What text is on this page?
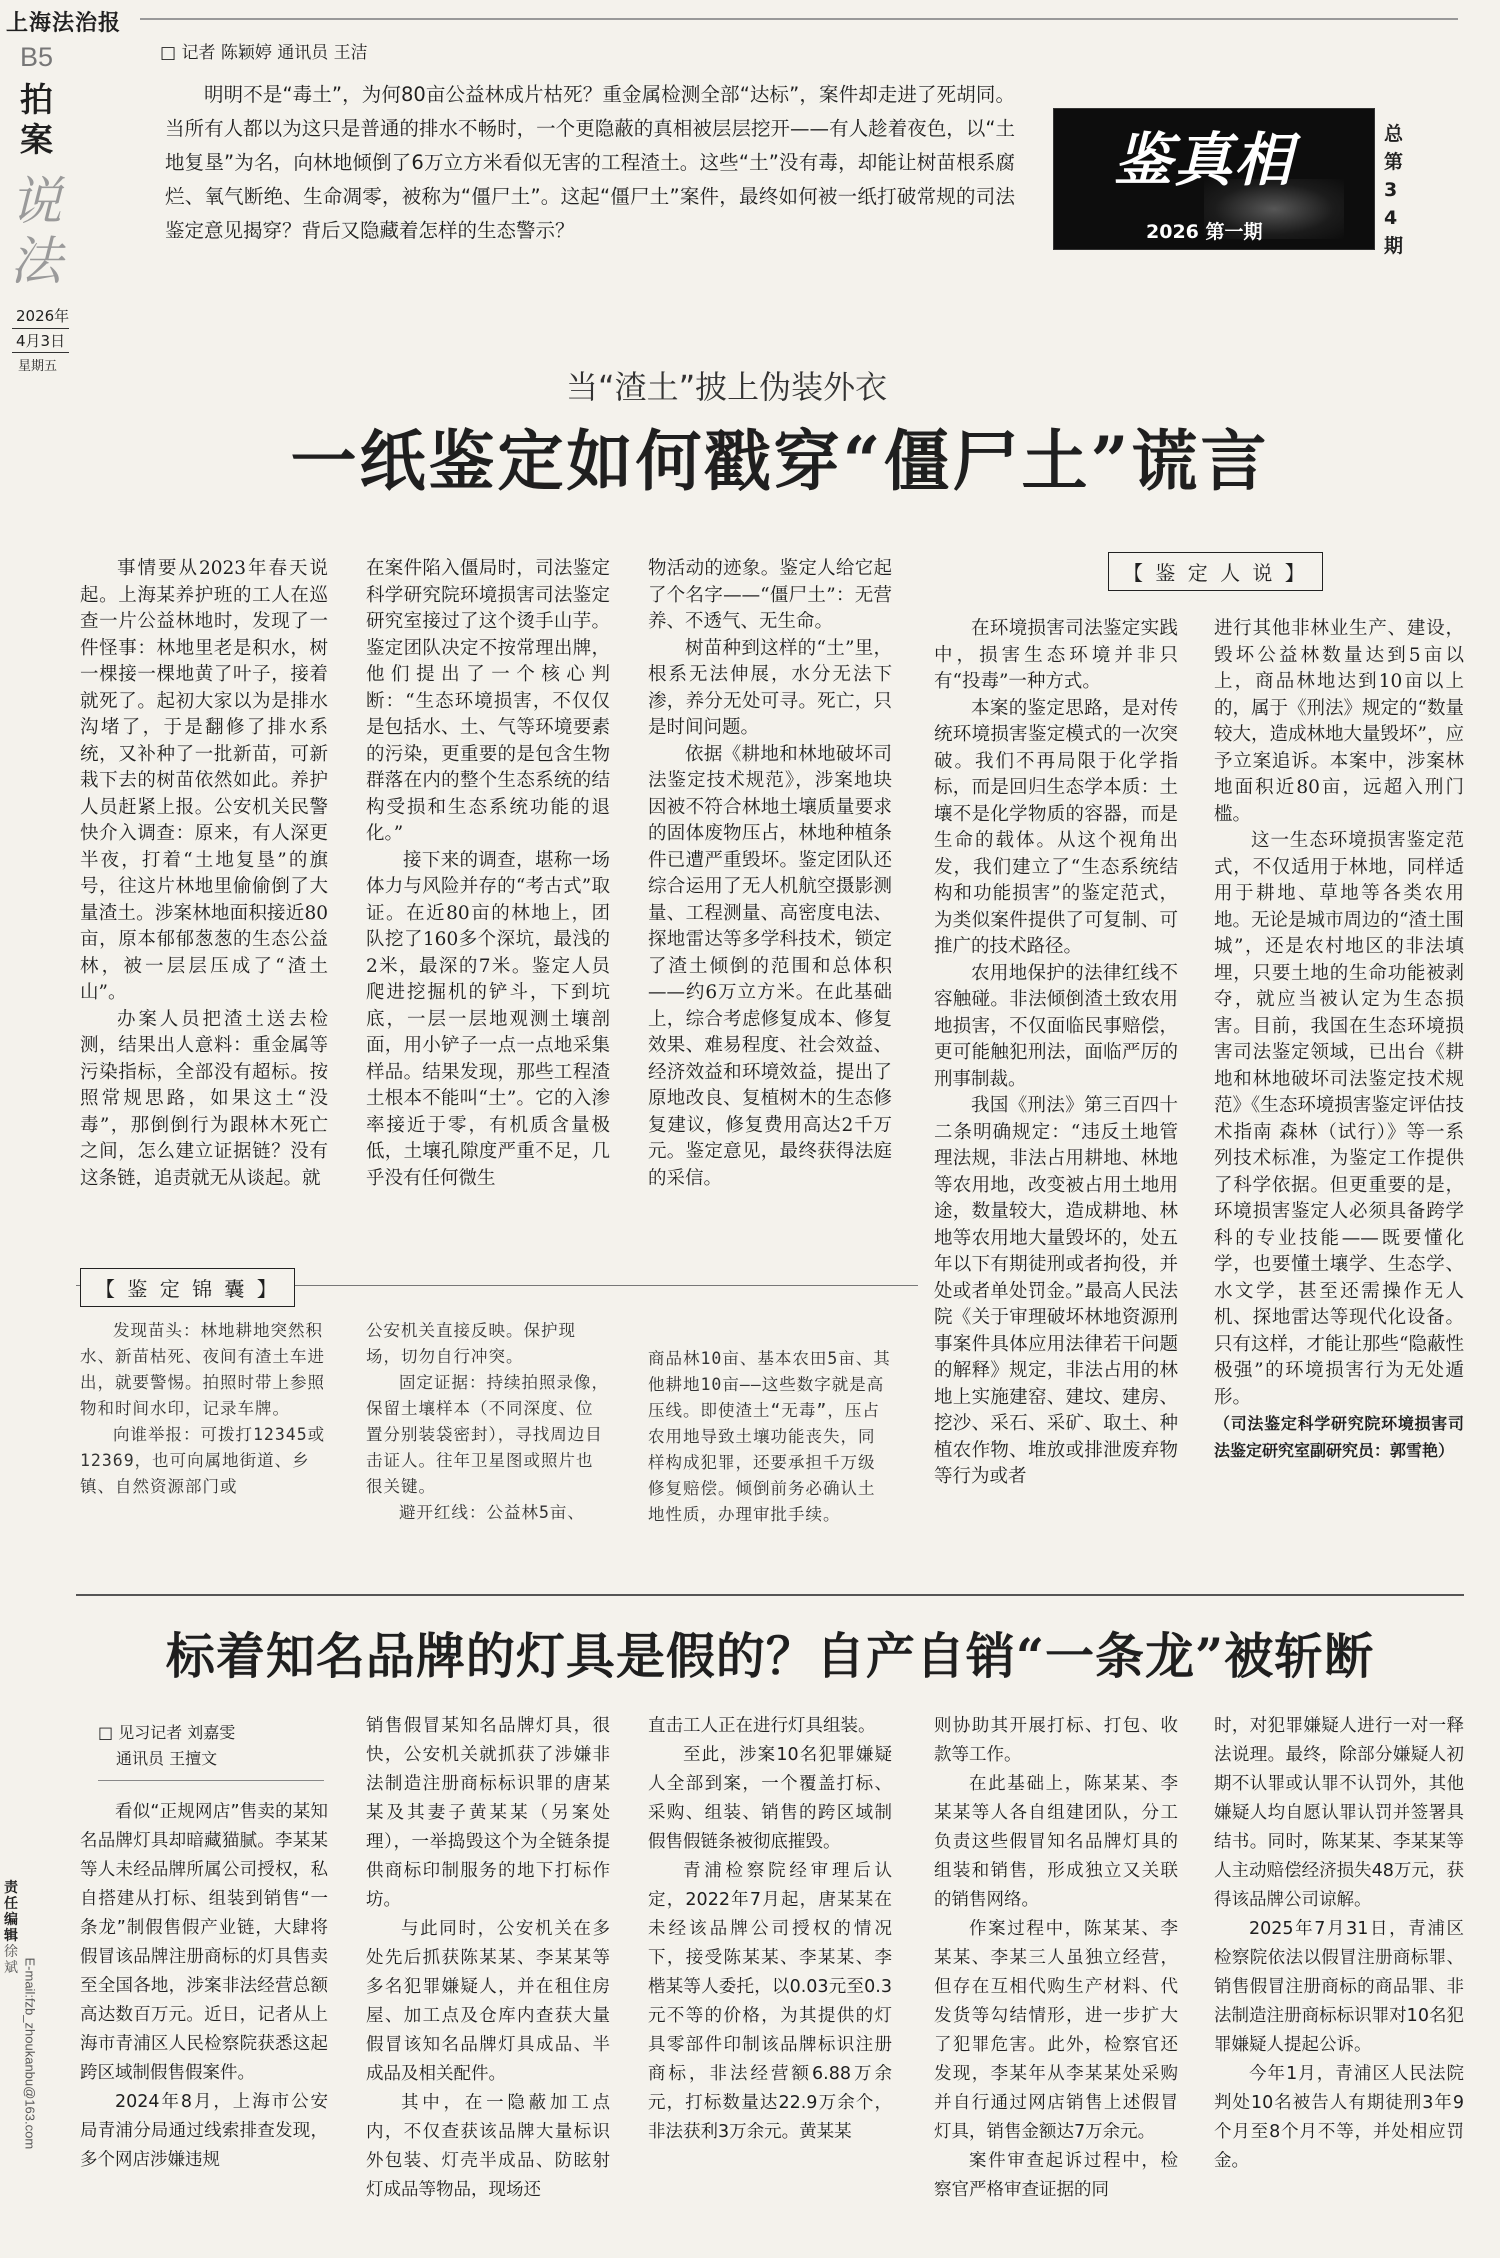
上海法治报
B5
拍案
说法
2026年
4月3日
星期五
责任编辑
徐斌 E-mail:fzb_zhoukanbu@163.com
□ 记者 陈颖婷 通讯员 王洁
明明不是“毒土”，为何80亩公益林成片枯死？重金属检测全部“达标”，案件却走进了死胡同。当所有人都以为这只是普通的排水不畅时，一个更隐蔽的真相被层层挖开——有人趁着夜色，以“土地复垦”为名，向林地倾倒了6万立方米看似无害的工程渣土。这些“土”没有毒，却能让树苗根系腐烂、氧气断绝、生命凋零，被称为“僵尸土”。这起“僵尸土”案件，最终如何被一纸打破常规的司法鉴定意见揭穿？背后又隐藏着怎样的生态警示？
鉴真相
2026 第一期
总第34期
当“渣土”披上伪装外衣
一纸鉴定如何戳穿“僵尸土”谎言

事情要从2023年春天说起。上海某养护班的工人在巡查一片公益林地时，发现了一件怪事：林地里老是积水，树一棵接一棵地黄了叶子，接着就死了。起初大家以为是排水沟堵了，于是翻修了排水系统，又补种了一批新苗，可新栽下去的树苗依然如此。养护人员赶紧上报。公安机关民警快介入调查：原来，有人深更半夜，打着“土地复垦”的旗号，往这片林地里偷偷倒了大量渣土。涉案林地面积接近80亩，原本郁郁葱葱的生态公益林，被一层层压成了“渣土山”。

办案人员把渣土送去检测，结果出人意料：重金属等污染指标，全部没有超标。按照常规思路，如果这土“没毒”，那倒倒行为跟林木死亡之间，怎么建立证据链？没有这条链，追责就无从谈起。就

在案件陷入僵局时，司法鉴定科学研究院环境损害司法鉴定研究室接过了这个烫手山芋。鉴定团队决定不按常理出牌，他们提出了一个核心判断：“生态环境损害，不仅仅是包括水、土、气等环境要素的污染，更重要的是包含生物群落在内的整个生态系统的结构受损和生态系统功能的退化。”

接下来的调查，堪称一场体力与风险并存的“考古式”取证。在近80亩的林地上，团队挖了160多个深坑，最浅的2米，最深的7米。鉴定人员爬进挖掘机的铲斗，下到坑底，一层一层地观测土壤剖面，用小铲子一点一点地采集样品。结果发现，那些工程渣土根本不能叫“土”。它的入渗率接近于零，有机质含量极低，土壤孔隙度严重不足，几乎没有任何微生

物活动的迹象。鉴定人给它起了个名字——“僵尸土”：无营养、不透气、无生命。

树苗种到这样的“土”里，根系无法伸展，水分无法下渗，养分无处可寻。死亡，只是时间问题。

依据《耕地和林地破坏司法鉴定技术规范》，涉案地块因被不符合林地土壤质量要求的固体废物压占，林地种植条件已遭严重毁坏。鉴定团队还综合运用了无人机航空摄影测量、工程测量、高密度电法、探地雷达等多学科技术，锁定了渣土倾倒的范围和总体积——约6万立方米。在此基础上，综合考虑修复成本、修复效果、难易程度、社会效益、经济效益和环境效益，提出了原地改良、复植树木的生态修复建议，修复费用高达2千万元。鉴定意见，最终获得法庭的采信。

【 鉴 定 人 说 】

在环境损害司法鉴定实践中，损害生态环境并非只有“投毒”一种方式。

本案的鉴定思路，是对传统环境损害鉴定模式的一次突破。我们不再局限于化学指标，而是回归生态学本质：土壤不是化学物质的容器，而是生命的载体。从这个视角出发，我们建立了“生态系统结构和功能损害”的鉴定范式，为类似案件提供了可复制、可推广的技术路径。

农用地保护的法律红线不容触碰。非法倾倒渣土致农用地损害，不仅面临民事赔偿，更可能触犯刑法，面临严厉的刑事制裁。

我国《刑法》第三百四十二条明确规定：“违反土地管理法规，非法占用耕地、林地等农用地，改变被占用土地用途，数量较大，造成耕地、林地等农用地大量毁坏的，处五年以下有期徒刑或者拘役，并处或者单处罚金。”最高人民法院《关于审理破坏林地资源刑事案件具体应用法律若干问题的解释》规定，非法占用的林地上实施建窑、建坟、建房、挖沙、采石、采矿、取土、种植农作物、堆放或排泄废弃物等行为或者

进行其他非林业生产、建设，毁坏公益林数量达到5亩以上，商品林地达到10亩以上的，属于《刑法》规定的“数量较大，造成林地大量毁坏”，应予立案追诉。本案中，涉案林地面积近80亩，远超入刑门槛。

这一生态环境损害鉴定范式，不仅适用于林地，同样适用于耕地、草地等各类农用地。无论是城市周边的“渣土围城”，还是农村地区的非法填埋，只要土地的生命功能被剥夺，就应当被认定为生态损害。目前，我国在生态环境损害司法鉴定领域，已出台《耕地和林地破坏司法鉴定技术规范》《生态环境损害鉴定评估技术指南 森林（试行）》等一系列技术标准，为鉴定工作提供了科学依据。但更重要的是，环境损害鉴定人必须具备跨学科的专业技能——既要懂化学，也要懂土壤学、生态学、水文学，甚至还需操作无人机、探地雷达等现代化设备。只有这样，才能让那些“隐蔽性极强”的环境损害行为无处遁形。

（司法鉴定科学研究院环境损害司法鉴定研究室副研究员：郭雪艳）

【 鉴 定 锦 囊 】

发现苗头：林地耕地突然积水、新苗枯死、夜间有渣土车进出，就要警惕。拍照时带上参照物和时间水印，记录车牌。

向谁举报：可拨打12345或12369，也可向属地街道、乡镇、自然资源部门或

公安机关直接反映。保护现场，切勿自行冲突。

固定证据：持续拍照录像，保留土壤样本（不同深度、位置分别装袋密封），寻找周边目击证人。往年卫星图或照片也很关键。

避开红线：公益林5亩、

商品林10亩、基本农田5亩、其他耕地10亩——这些数字就是高压线。即使渣土“无毒”，压占农用地导致土壤功能丧失，同样构成犯罪，还要承担千万级修复赔偿。倾倒前务必确认土地性质，办理审批手续。

标着知名品牌的灯具是假的？自产自销“一条龙”被斩断
□ 见习记者 刘嘉雯
通讯员 王擅文

看似“正规网店”售卖的某知名品牌灯具却暗藏猫腻。李某某等人未经品牌所属公司授权，私自搭建从打标、组装到销售“一条龙”制假售假产业链，大肆将假冒该品牌注册商标的灯具售卖至全国各地，涉案非法经营总额高达数百万元。近日，记者从上海市青浦区人民检察院获悉这起跨区域制假售假案件。

2024年8月，上海市公安局青浦分局通过线索排查发现，多个网店涉嫌违规

销售假冒某知名品牌灯具，很快，公安机关就抓获了涉嫌非法制造注册商标标识罪的唐某某及其妻子黄某某（另案处理），一举捣毁这个为全链条提供商标印制服务的地下打标作坊。

与此同时，公安机关在多处先后抓获陈某某、李某某等多名犯罪嫌疑人，并在租住房屋、加工点及仓库内查获大量假冒该知名品牌灯具成品、半成品及相关配件。

其中，在一隐蔽加工点内，不仅查获该品牌大量标识外包装、灯壳半成品、防眩射灯成品等物品，现场还

直击工人正在进行灯具组装。

至此，涉案10名犯罪嫌疑人全部到案，一个覆盖打标、采购、组装、销售的跨区域制假售假链条被彻底摧毁。

青浦检察院经审理后认定，2022年7月起，唐某某在未经该品牌公司授权的情况下，接受陈某某、李某某、李楷某等人委托，以0.03元至0.3元不等的价格，为其提供的灯具零部件印制该品牌标识注册商标，非法经营额6.88万余元，打标数量达22.9万余个，非法获利3万余元。黄某某

则协助其开展打标、打包、收款等工作。

在此基础上，陈某某、李某某等人各自组建团队，分工负责这些假冒知名品牌灯具的组装和销售，形成独立又关联的销售网络。

作案过程中，陈某某、李某某、李某三人虽独立经营，但存在互相代购生产材料、代发货等勾结情形，进一步扩大了犯罪危害。此外，检察官还发现，李某年从李某某处采购并自行通过网店销售上述假冒灯具，销售金额达7万余元。

案件审查起诉过程中，检察官严格审查证据的同

时，对犯罪嫌疑人进行一对一释法说理。最终，除部分嫌疑人初期不认罪或认罪不认罚外，其他嫌疑人均自愿认罪认罚并签署具结书。同时，陈某某、李某某等人主动赔偿经济损失48万元，获得该品牌公司谅解。

2025年7月31日，青浦区检察院依法以假冒注册商标罪、销售假冒注册商标的商品罪、非法制造注册商标标识罪对10名犯罪嫌疑人提起公诉。

今年1月，青浦区人民法院判处10名被告人有期徒刑3年9个月至8个月不等，并处相应罚金。
